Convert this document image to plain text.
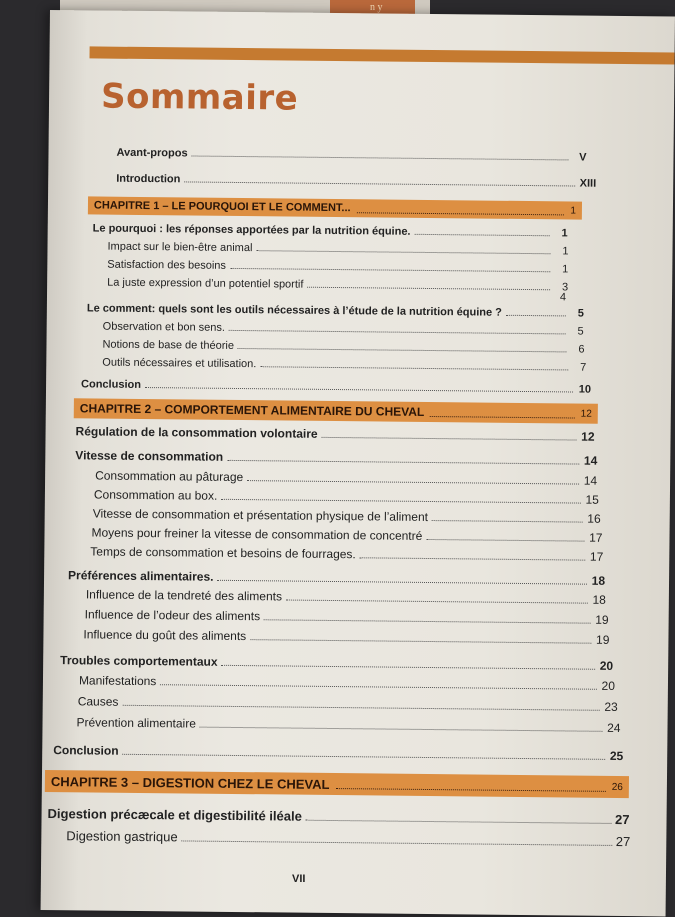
n y
Sommaire
Avant-propos	V
Introduction	XIII
CHAPITRE 1 – LE POURQUOI ET LE COMMENT...	1
Le pourquoi : les réponses apportées par la nutrition équine.	1
Impact sur le bien-être animal	1
Satisfaction des besoins	1
La juste expression d’un potentiel sportif	3
4
Le comment: quels sont les outils nécessaires à l’étude de la nutrition équine ?	5
Observation et bon sens.	5
Notions de base de théorie	6
Outils nécessaires et utilisation.	7
Conclusion	10
CHAPITRE 2 – COMPORTEMENT ALIMENTAIRE DU CHEVAL	12
Régulation de la consommation volontaire	12
Vitesse de consommation	14
Consommation au pâturage	14
Consommation au box.	15
Vitesse de consommation et présentation physique de l’aliment	16
Moyens pour freiner la vitesse de consommation de concentré	17
Temps de consommation et besoins de fourrages.	17
Préférences alimentaires.	18
Influence de la tendreté des aliments	18
Influence de l’odeur des aliments	19
Influence du goût des aliments	19
Troubles comportementaux	20
Manifestations	20
Causes	23
Prévention alimentaire	24
Conclusion	25
CHAPITRE 3 – DIGESTION CHEZ LE CHEVAL	26
Digestion précæcale et digestibilité iléale	27
Digestion gastrique	27
VII
